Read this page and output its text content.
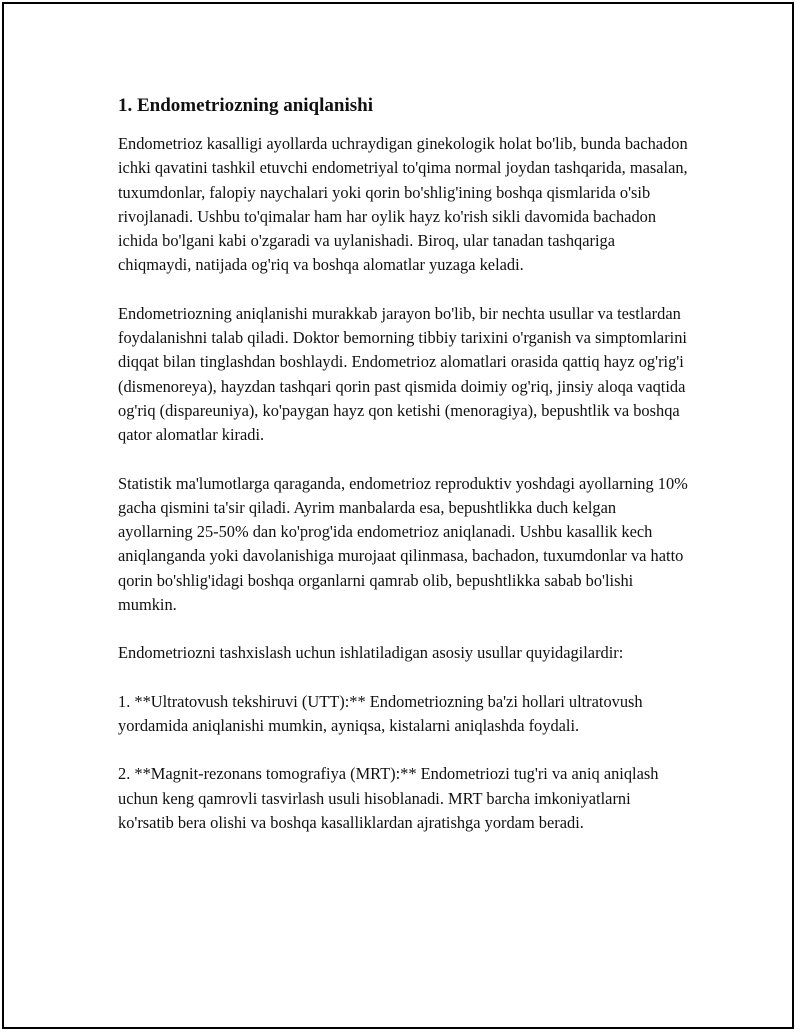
1. Endometriozning aniqlanishi

Endometrioz kasalligi ayollarda uchraydigan ginekologik holat bo'lib, bunda bachadon ichki qavatini tashkil etuvchi endometriyal to'qima normal joydan tashqarida, masalan, tuxumdonlar, falopiy naychalari yoki qorin bo'shlig'ining boshqa qismlarida o'sib rivojlanadi. Ushbu to'qimalar ham har oylik hayz ko'rish sikli davomida bachadon ichida bo'lgani kabi o'zgaradi va uylanishadi. Biroq, ular tanadan tashqariga chiqmaydi, natijada og'riq va boshqa alomatlar yuzaga keladi.

Endometriozning aniqlanishi murakkab jarayon bo'lib, bir nechta usullar va testlardan foydalanishni talab qiladi. Doktor bemorning tibbiy tarixini o'rganish va simptomlarini diqqat bilan tinglashdan boshlaydi. Endometrioz alomatlari orasida qattiq hayz og'rig'i (dismenoreya), hayzdan tashqari qorin past qismida doimiy og'riq, jinsiy aloqa vaqtida og'riq (dispareuniya), ko'paygan hayz qon ketishi (menoragiya), bepushtlik va boshqa qator alomatlar kiradi.

Statistik ma'lumotlarga qaraganda, endometrioz reproduktiv yoshdagi ayollarning 10% gacha qismini ta'sir qiladi. Ayrim manbalarda esa, bepushtlikka duch kelgan ayollarning 25-50% dan ko'prog'ida endometrioz aniqlanadi. Ushbu kasallik kech aniqlanganda yoki davolanishiga murojaat qilinmasa, bachadon, tuxumdonlar va hatto qorin bo'shlig'idagi boshqa organlarni qamrab olib, bepushtlikka sabab bo'lishi mumkin.

Endometriozni tashxislash uchun ishlatiladigan asosiy usullar quyidagilardir:

1. **Ultratovush tekshiruvi (UTT):** Endometriozning ba'zi hollari ultratovush yordamida aniqlanishi mumkin, ayniqsa, kistalarni aniqlashda foydali.

2. **Magnit-rezonans tomografiya (MRT):** Endometriozi tug'ri va aniq aniqlash uchun keng qamrovli tasvirlash usuli hisoblanadi. MRT barcha imkoniyatlarni ko'rsatib bera olishi va boshqa kasalliklardan ajratishga yordam beradi.
